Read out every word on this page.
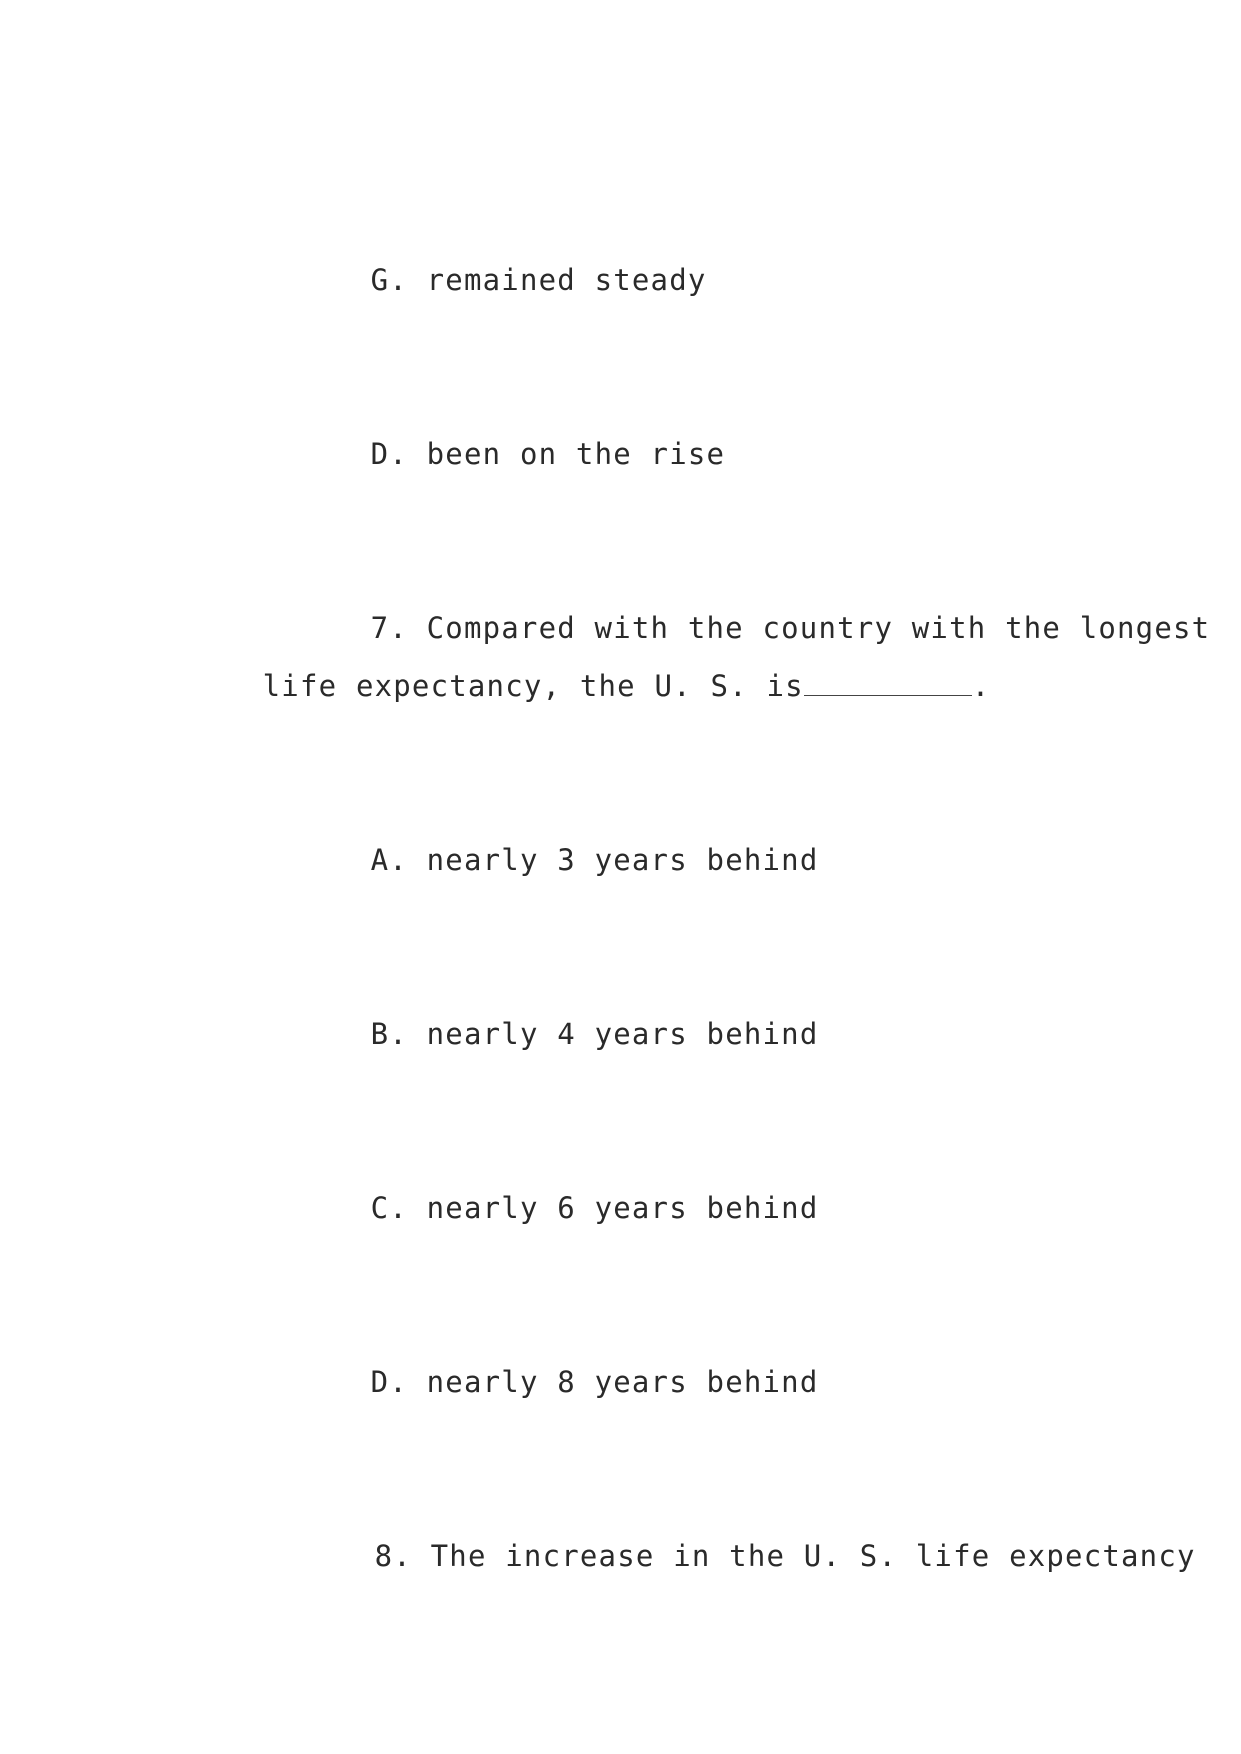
G. remained steady

D. been on the rise

7. Compared with the country with the longest

life expectancy, the U. S. is	.

A. nearly 3 years behind

B. nearly 4 years behind

C. nearly 6 years behind

D. nearly 8 years behind

8. The increase in the U. S. life expectancy
